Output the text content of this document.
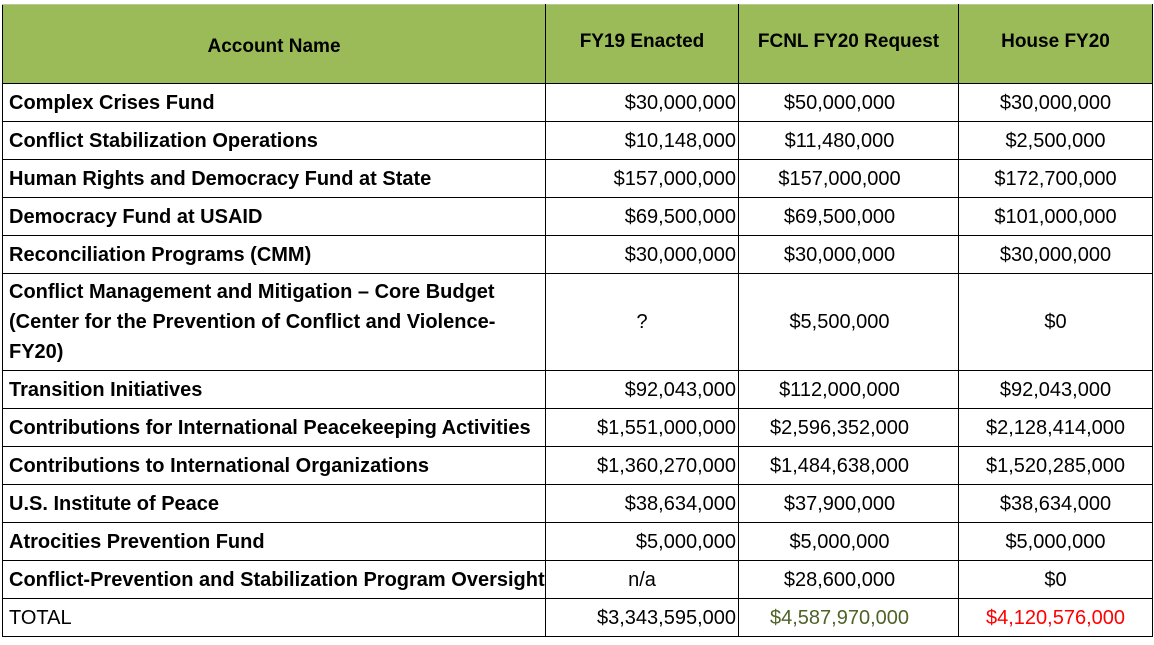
Account Name	FY19 Enacted	FCNL FY20 Request	House FY20
Complex Crises Fund	$30,000,000	$50,000,000	$30,000,000
Conflict Stabilization Operations	$10,148,000	$11,480,000	$2,500,000
Human Rights and Democracy Fund at State	$157,000,000	$157,000,000	$172,700,000
Democracy Fund at USAID	$69,500,000	$69,500,000	$101,000,000
Reconciliation Programs (CMM)	$30,000,000	$30,000,000	$30,000,000
Conflict Management and Mitigation – Core Budget (Center for the Prevention of Conflict and Violence- FY20)	?	$5,500,000	$0
Transition Initiatives	$92,043,000	$112,000,000	$92,043,000
Contributions for International Peacekeeping Activities	$1,551,000,000	$2,596,352,000	$2,128,414,000
Contributions to International Organizations	$1,360,270,000	$1,484,638,000	$1,520,285,000
U.S. Institute of Peace	$38,634,000	$37,900,000	$38,634,000
Atrocities Prevention Fund	$5,000,000	$5,000,000	$5,000,000
Conflict-Prevention and Stabilization Program Oversight	n/a	$28,600,000	$0
TOTAL	$3,343,595,000	$4,587,970,000	$4,120,576,000
